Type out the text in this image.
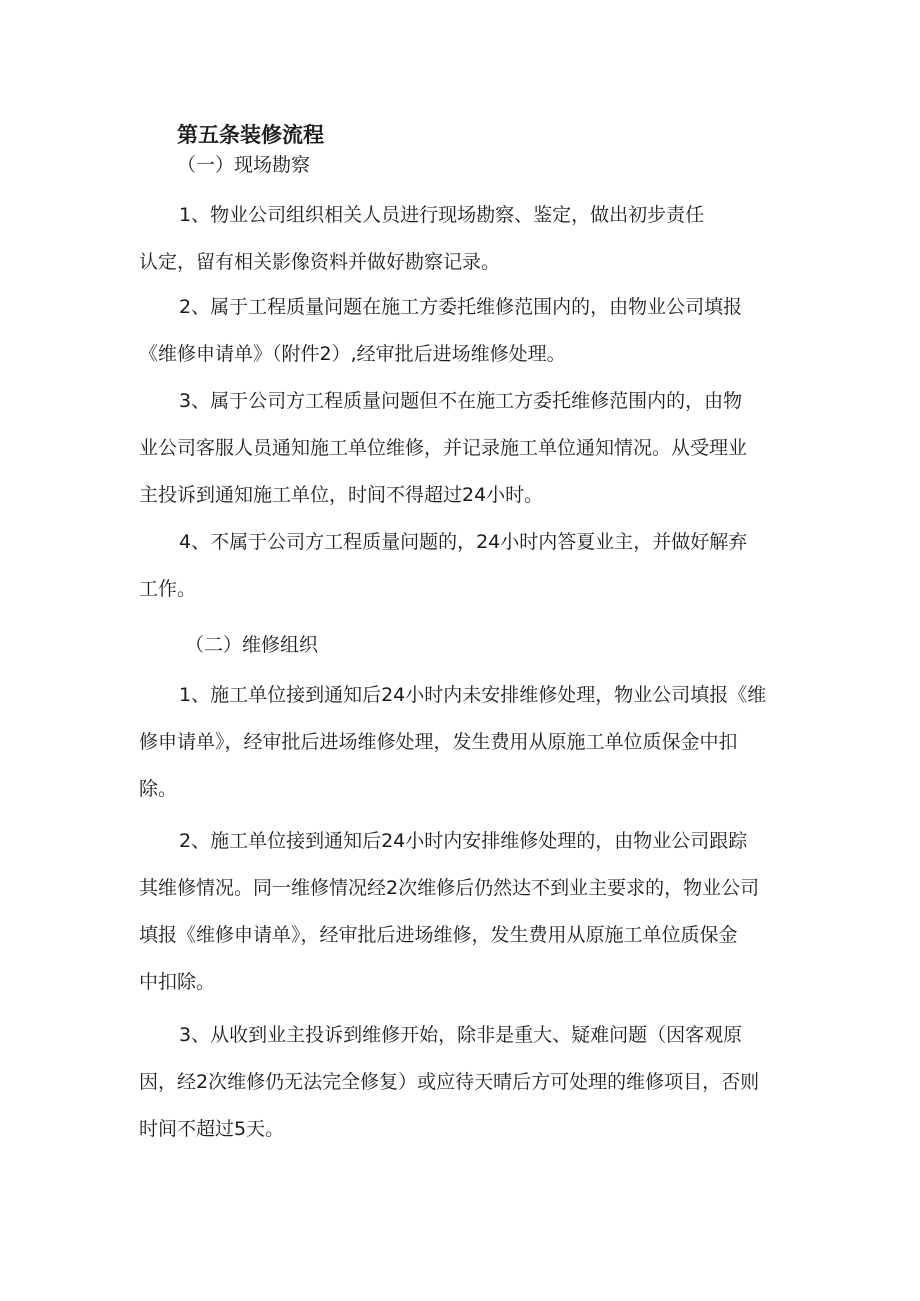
第五条装修流程
（一）现场勘察
1、物业公司组织相关人员进行现场勘察、鉴定，做出初步责任
认定，留有相关影像资料并做好勘察记录。
2、属于工程质量问题在施工方委托维修范围内的，由物业公司填报
《维修申请单》（附件2）,经审批后进场维修处理。
3、属于公司方工程质量问题但不在施工方委托维修范围内的，由物
业公司客服人员通知施工单位维修，并记录施工单位通知情况。从受理业
主投诉到通知施工单位，时间不得超过24小时。
4、不属于公司方工程质量问题的，24小时内答夏业主，并做好解弃
工作。
（二）维修组织
1、施工单位接到通知后24小时内未安排维修处理，物业公司填报《维
修申请单》，经审批后进场维修处理，发生费用从原施工单位质保金中扣
除。
2、施工单位接到通知后24小时内安排维修处理的，由物业公司跟踪
其维修情况。同一维修情况经2次维修后仍然达不到业主要求的，物业公司
填报《维修申请单》，经审批后进场维修，发生费用从原施工单位质保金
中扣除。
3、从收到业主投诉到维修开始，除非是重大、疑难问题（因客观原
因，经2次维修仍无法完全修复）或应待天晴后方可处理的维修项目，否则
时间不超过5天。
